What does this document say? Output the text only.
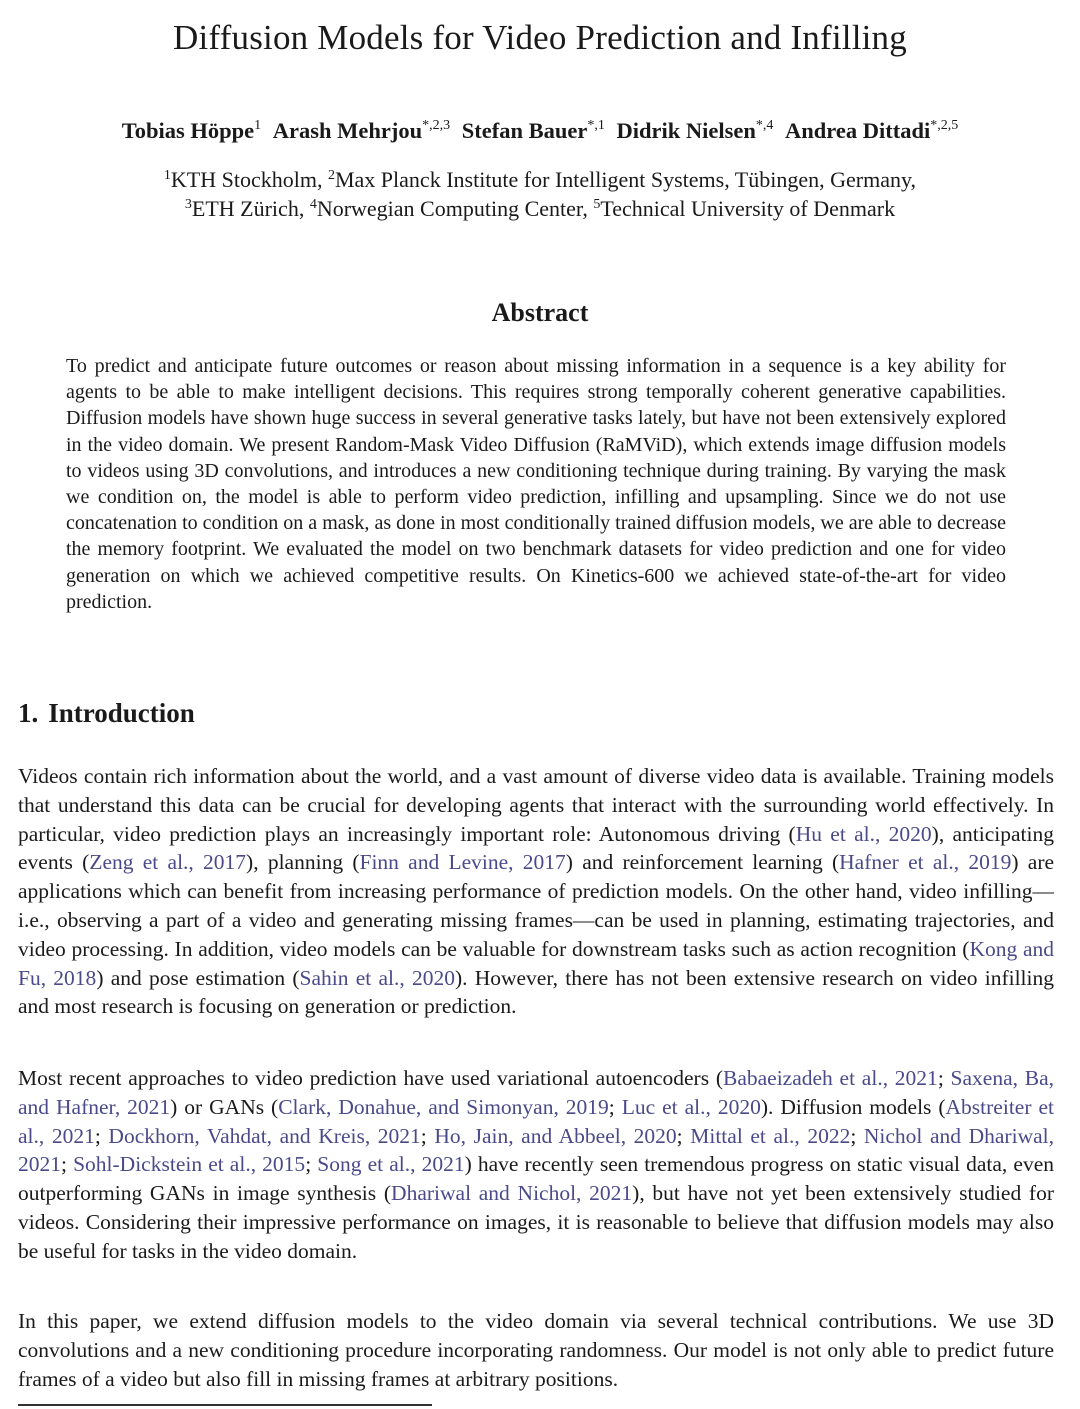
Diffusion Models for Video Prediction and Infilling
Tobias Höppe$^1$ Arash Mehrjou$^{*,2,3}$ Stefan Bauer$^{*,1}$ Didrik Nielsen$^{*,4}$ Andrea Dittadi$^{*,2,5}$
$^1$KTH Stockholm, $^2$Max Planck Institute for Intelligent Systems, Tübingen, Germany,
$^3$ETH Zürich, $^4$Norwegian Computing Center, $^5$Technical University of Denmark
Abstract

To predict and anticipate future outcomes or reason about missing information in a sequence is a key ability for agents to be able to make intelligent decisions. This requires strong temporally coherent generative capabilities. Diffusion models have shown huge success in several generative tasks lately, but have not been extensively explored in the video domain. We present Random-Mask Video Diffusion (RaMViD), which extends image diffusion models to videos using 3D convolutions, and introduces a new conditioning technique during training. By varying the mask we condition on, the model is able to perform video prediction, infilling and upsampling. Since we do not use concatenation to condition on a mask, as done in most conditionally trained diffusion models, we are able to decrease the memory footprint. We evaluated the model on two benchmark datasets for video prediction and one for video generation on which we achieved competitive results. On Kinetics-600 we achieved state-of-the-art for video prediction.

1. Introduction

Videos contain rich information about the world, and a vast amount of diverse video data is available. Training models that understand this data can be crucial for developing agents that interact with the surrounding world effectively. In particular, video prediction plays an increasingly important role: Autonomous driving (Hu et al., 2020), anticipating events (Zeng et al., 2017), planning (Finn and Levine, 2017) and reinforcement learning (Hafner et al., 2019) are applications which can benefit from increasing performance of prediction models. On the other hand, video infilling—i.e., observing a part of a video and generating missing frames—can be used in planning, estimating trajectories, and video processing. In addition, video models can be valuable for downstream tasks such as action recognition (Kong and Fu, 2018) and pose estimation (Sahin et al., 2020). However, there has not been extensive research on video infilling and most research is focusing on generation or prediction.

Most recent approaches to video prediction have used variational autoencoders (Babaeizadeh et al., 2021; Saxena, Ba, and Hafner, 2021) or GANs (Clark, Donahue, and Simonyan, 2019; Luc et al., 2020). Diffusion models (Abstreiter et al., 2021; Dockhorn, Vahdat, and Kreis, 2021; Ho, Jain, and Abbeel, 2020; Mittal et al., 2022; Nichol and Dhariwal, 2021; Sohl-Dickstein et al., 2015; Song et al., 2021) have recently seen tremendous progress on static visual data, even outperforming GANs in image synthesis (Dhariwal and Nichol, 2021), but have not yet been extensively studied for videos. Considering their impressive performance on images, it is reasonable to believe that diffusion models may also be useful for tasks in the video domain.

In this paper, we extend diffusion models to the video domain via several technical contributions. We use 3D convolutions and a new conditioning procedure incorporating randomness. Our model is not only able to predict future frames of a video but also fill in missing frames at arbitrary positions.
